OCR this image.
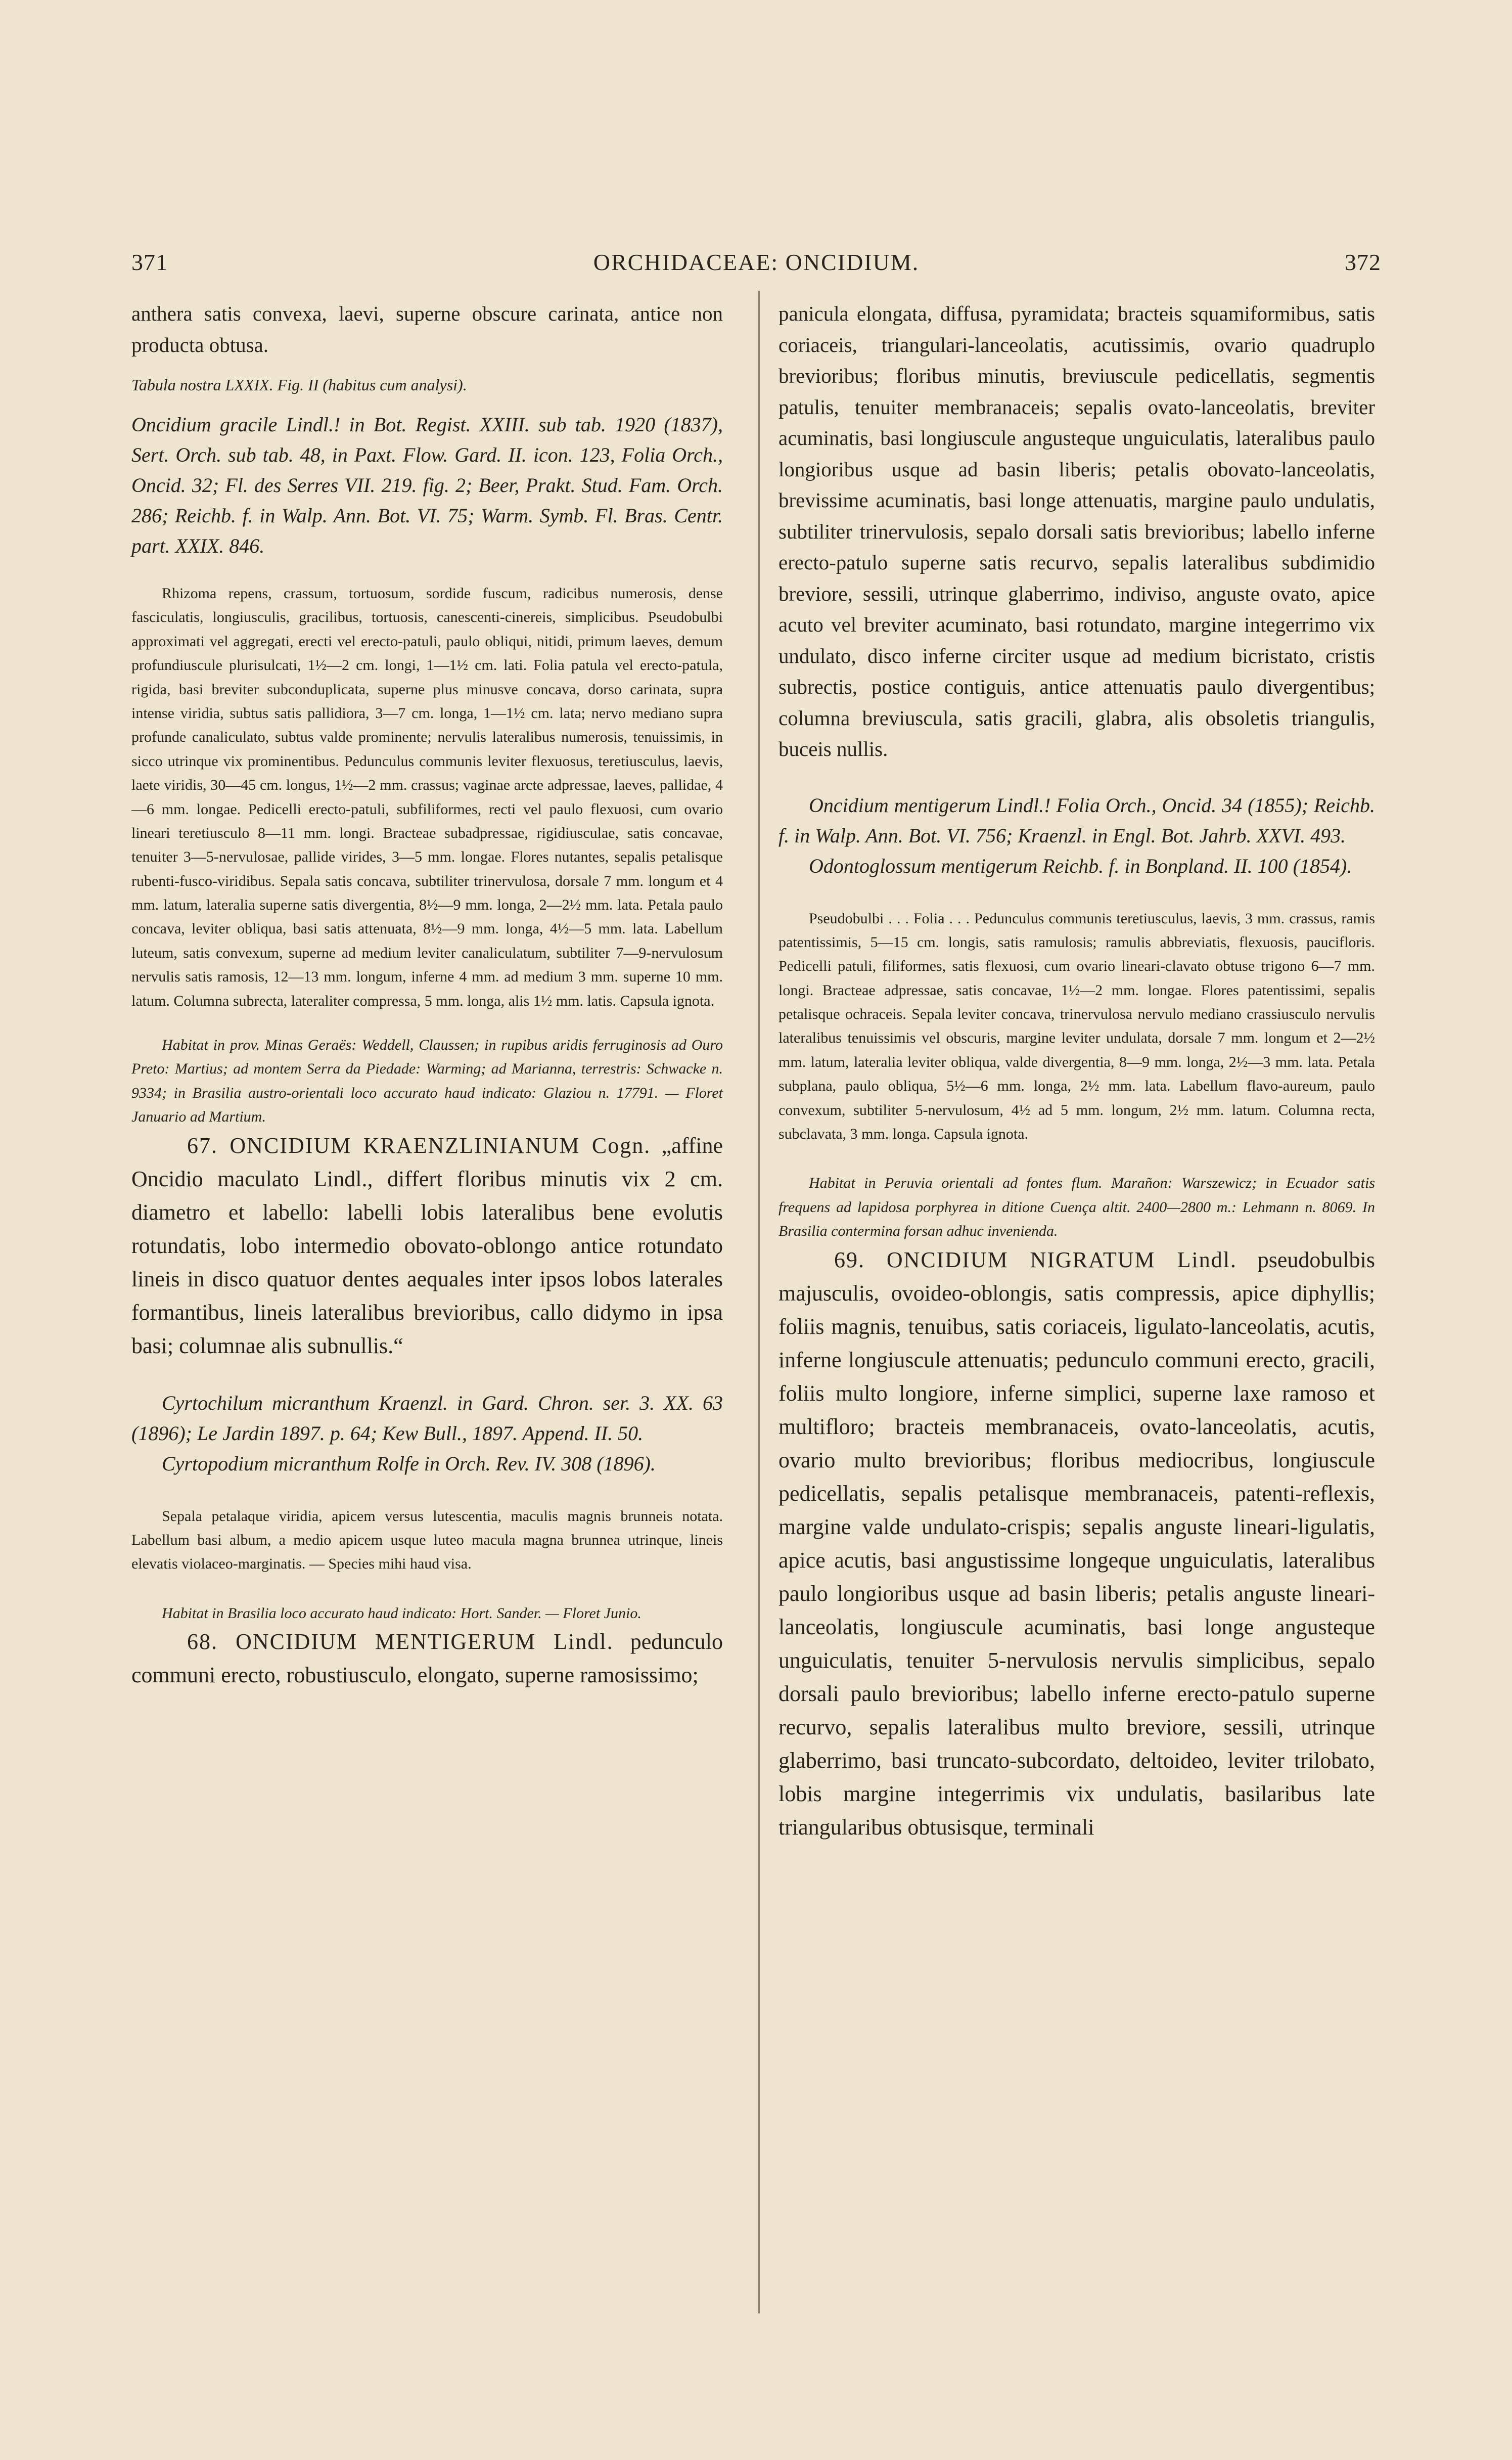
371	ORCHIDACEAE: ONCIDIUM.	372

anthera satis convexa, laevi, superne obscure carinata, antice non producta obtusa.

Tabula nostra LXXIX. Fig. II (habitus cum analysi).

Oncidium gracile Lindl.! in Bot. Regist. XXIII. sub tab. 1920 (1837), Sert. Orch. sub tab. 48, in Paxt. Flow. Gard. II. icon. 123, Folia Orch., Oncid. 32; Fl. des Serres VII. 219. fig. 2; Beer, Prakt. Stud. Fam. Orch. 286; Reichb. f. in Walp. Ann. Bot. VI. 75; Warm. Symb. Fl. Bras. Centr. part. XXIX. 846.

Rhizoma repens, crassum, tortuosum, sordide fuscum, radicibus numerosis, dense fasciculatis, longiusculis, gracilibus, tortuosis, canescenti-cinereis, simplicibus. Pseudobulbi approximati vel aggregati, erecti vel erecto-patuli, paulo obliqui, nitidi, primum laeves, demum profundiuscule plurisulcati, 1½—2 cm. longi, 1—1½ cm. lati. Folia patula vel erecto-patula, rigida, basi breviter subconduplicata, superne plus minusve concava, dorso carinata, supra intense viridia, subtus satis pallidiora, 3—7 cm. longa, 1—1½ cm. lata; nervo mediano supra profunde canaliculato, subtus valde prominente; nervulis lateralibus numerosis, tenuissimis, in sicco utrinque vix prominentibus. Pedunculus communis leviter flexuosus, teretiusculus, laevis, laete viridis, 30—45 cm. longus, 1½—2 mm. crassus; vaginae arcte adpressae, laeves, pallidae, 4—6 mm. longae. Pedicelli erecto-patuli, subfiliformes, recti vel paulo flexuosi, cum ovario lineari teretiusculo 8—11 mm. longi. Bracteae subadpressae, rigidiusculae, satis concavae, tenuiter 3—5-nervulosae, pallide virides, 3—5 mm. longae. Flores nutantes, sepalis petalisque rubenti-fusco-viridibus. Sepala satis concava, subtiliter trinervulosa, dorsale 7 mm. longum et 4 mm. latum, lateralia superne satis divergentia, 8½—9 mm. longa, 2—2½ mm. lata. Petala paulo concava, leviter obliqua, basi satis attenuata, 8½—9 mm. longa, 4½—5 mm. lata. Labellum luteum, satis convexum, superne ad medium leviter canaliculatum, subtiliter 7—9-nervulosum nervulis satis ramosis, 12—13 mm. longum, inferne 4 mm. ad medium 3 mm. superne 10 mm. latum. Columna subrecta, lateraliter compressa, 5 mm. longa, alis 1½ mm. latis. Capsula ignota.

Habitat in prov. Minas Geraës: Weddell, Claussen; in rupibus aridis ferruginosis ad Ouro Preto: Martius; ad montem Serra da Piedade: Warming; ad Marianna, terrestris: Schwacke n. 9334; in Brasilia austro-orientali loco accurato haud indicato: Glaziou n. 17791. — Floret Januario ad Martium.

67. ONCIDIUM KRAENZLINIANUM Cogn. „affine Oncidio maculato Lindl., differt floribus minutis vix 2 cm. diametro et labello: labelli lobis lateralibus bene evolutis rotundatis, lobo intermedio obovato-oblongo antice rotundato lineis in disco quatuor dentes aequales inter ipsos lobos laterales formantibus, lineis lateralibus brevioribus, callo didymo in ipsa basi; columnae alis subnullis.“

Cyrtochilum micranthum Kraenzl. in Gard. Chron. ser. 3. XX. 63 (1896); Le Jardin 1897. p. 64; Kew Bull., 1897. Append. II. 50.

Cyrtopodium micranthum Rolfe in Orch. Rev. IV. 308 (1896).

Sepala petalaque viridia, apicem versus lutescentia, maculis magnis brunneis notata. Labellum basi album, a medio apicem usque luteo macula magna brunnea utrinque, lineis elevatis violaceo-marginatis. — Species mihi haud visa.

Habitat in Brasilia loco accurato haud indicato: Hort. Sander. — Floret Junio.

68. ONCIDIUM MENTIGERUM Lindl. pedunculo communi erecto, robustiusculo, elongato, superne ramosissimo;

panicula elongata, diffusa, pyramidata; bracteis squamiformibus, satis coriaceis, triangulari-lanceolatis, acutissimis, ovario quadruplo brevioribus; floribus minutis, breviuscule pedicellatis, segmentis patulis, tenuiter membranaceis; sepalis ovato-lanceolatis, breviter acuminatis, basi longiuscule angusteque unguiculatis, lateralibus paulo longioribus usque ad basin liberis; petalis obovato-lanceolatis, brevissime acuminatis, basi longe attenuatis, margine paulo undulatis, subtiliter trinervulosis, sepalo dorsali satis brevioribus; labello inferne erecto-patulo superne satis recurvo, sepalis lateralibus subdimidio breviore, sessili, utrinque glaberrimo, indiviso, anguste ovato, apice acuto vel breviter acuminato, basi rotundato, margine integerrimo vix undulato, disco inferne circiter usque ad medium bicristato, cristis subrectis, postice contiguis, antice attenuatis paulo divergentibus; columna breviuscula, satis gracili, glabra, alis obsoletis triangulis, buceis nullis.

Oncidium mentigerum Lindl.! Folia Orch., Oncid. 34 (1855); Reichb. f. in Walp. Ann. Bot. VI. 756; Kraenzl. in Engl. Bot. Jahrb. XXVI. 493.

Odontoglossum mentigerum Reichb. f. in Bonpland. II. 100 (1854).

Pseudobulbi . . . Folia . . . Pedunculus communis teretiusculus, laevis, 3 mm. crassus, ramis patentissimis, 5—15 cm. longis, satis ramulosis; ramulis abbreviatis, flexuosis, paucifloris. Pedicelli patuli, filiformes, satis flexuosi, cum ovario lineari-clavato obtuse trigono 6—7 mm. longi. Bracteae adpressae, satis concavae, 1½—2 mm. longae. Flores patentissimi, sepalis petalisque ochraceis. Sepala leviter concava, trinervulosa nervulo mediano crassiusculo nervulis lateralibus tenuissimis vel obscuris, margine leviter undulata, dorsale 7 mm. longum et 2—2½ mm. latum, lateralia leviter obliqua, valde divergentia, 8—9 mm. longa, 2½—3 mm. lata. Petala subplana, paulo obliqua, 5½—6 mm. longa, 2½ mm. lata. Labellum flavo-aureum, paulo convexum, subtiliter 5-nervulosum, 4½ ad 5 mm. longum, 2½ mm. latum. Columna recta, subclavata, 3 mm. longa. Capsula ignota.

Habitat in Peruvia orientali ad fontes flum. Marañon: Warszewicz; in Ecuador satis frequens ad lapidosa porphyrea in ditione Cuença altit. 2400—2800 m.: Lehmann n. 8069. In Brasilia contermina forsan adhuc invenienda.

69. ONCIDIUM NIGRATUM Lindl. pseudobulbis majusculis, ovoideo-oblongis, satis compressis, apice diphyllis; foliis magnis, tenuibus, satis coriaceis, ligulato-lanceolatis, acutis, inferne longiuscule attenuatis; pedunculo communi erecto, gracili, foliis multo longiore, inferne simplici, superne laxe ramoso et multifloro; bracteis membranaceis, ovato-lanceolatis, acutis, ovario multo brevioribus; floribus mediocribus, longiuscule pedicellatis, sepalis petalisque membranaceis, patenti-reflexis, margine valde undulato-crispis; sepalis anguste lineari-ligulatis, apice acutis, basi angustissime longeque unguiculatis, lateralibus paulo longioribus usque ad basin liberis; petalis anguste lineari-lanceolatis, longiuscule acuminatis, basi longe angusteque unguiculatis, tenuiter 5-nervulosis nervulis simplicibus, sepalo dorsali paulo brevioribus; labello inferne erecto-patulo superne recurvo, sepalis lateralibus multo breviore, sessili, utrinque glaberrimo, basi truncato-subcordato, deltoideo, leviter trilobato, lobis margine integerrimis vix undulatis, basilaribus late triangularibus obtusisque, terminali
